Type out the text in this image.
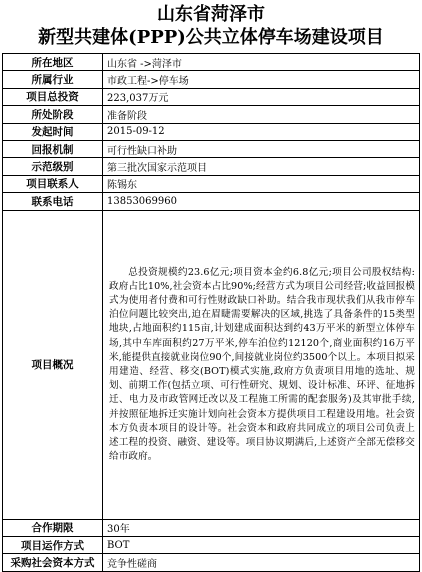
山东省菏泽市
新型共建体(PPP)公共立体停车场建设项目
所在地区	山东省 ->菏泽市
所属行业	市政工程->停车场
项目总投资	223,037万元
所处阶段	准备阶段
发起时间	2015-09-12
回报机制	可行性缺口补助
示范级别	第三批次国家示范项目
项目联系人	陈锡东
联系电话	13853069960
项目概况	总投资规模约23.6亿元;项目资本金约6.8亿元;项目公司股权结构:政府占比10%,社会资本占比90%;经营方式为项目公司经营;收益回报模式为使用者付费和可行性财政缺口补助。结合我市现状我们从我市停车泊位问题比较突出,迫在眉睫需要解决的区域,挑选了具备条件的15类型地块,占地面积约115亩,计划建成面积达到约43万平米的新型立体停车场,其中车库面积约27万平米,停车泊位约12120个,商业面积约16万平米,能提供直接就业岗位90个,间接就业岗位约3500个以上。本项目拟采用建造、经营、移交(BOT)模式实施,政府方负责项目用地的选址、规划、前期工作(包括立项、可行性研究、规划、设计标准、环评、征地拆迁、电力及市政管网迁改以及工程施工所需的配套服务)及其审批手续,并按照征地拆迁实施计划向社会资本方提供项目工程建设用地。社会资本方负责本项目的设计等。社会资本和政府共同成立的项目公司负责上述工程的投资、融资、建设等。项目协议期满后,上述资产全部无偿移交给市政府。
合作期限	30年
项目运作方式	BOT
采购社会资本方式	竞争性磋商
